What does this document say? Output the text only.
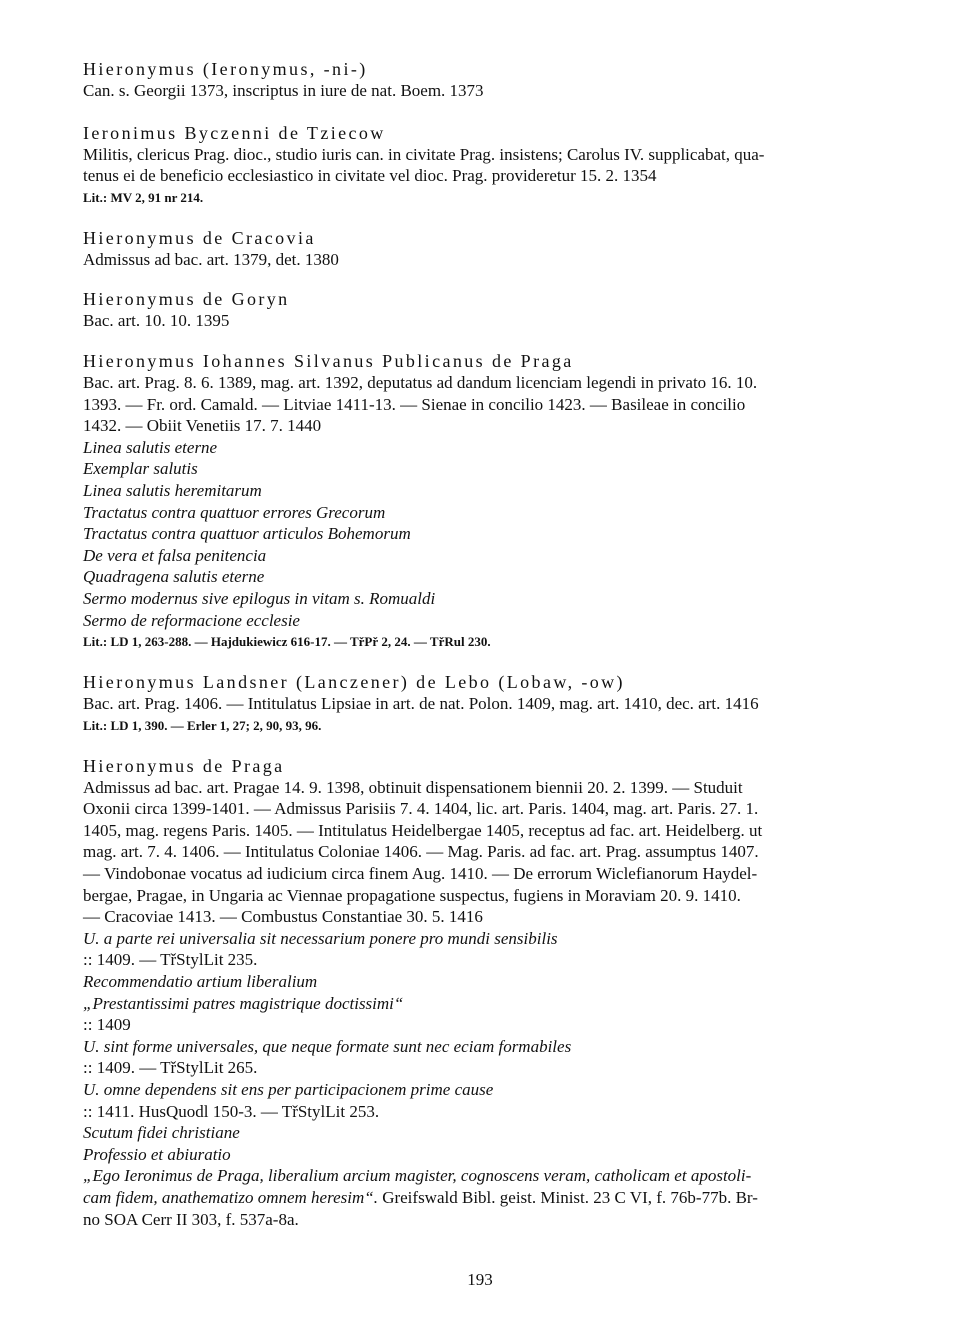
Hieronymus (Ieronymus, -ni-)

Can. s. Georgii 1373, inscriptus in iure de nat. Boem. 1373

Ieronimus Byczenni de Tziecow

Militis, clericus Prag. dioc., studio iuris can. in civitate Prag. insistens; Carolus IV. supplicabat, qua-

tenus ei de beneficio ecclesiastico in civitate vel dioc. Prag. provideretur 15. 2. 1354

Lit.: MV 2, 91 nr 214.

Hieronymus de Cracovia

Admissus ad bac. art. 1379, det. 1380

Hieronymus de Goryn

Bac. art. 10. 10. 1395

Hieronymus Iohannes Silvanus Publicanus de Praga

Bac. art. Prag. 8. 6. 1389, mag. art. 1392, deputatus ad dandum licenciam legendi in privato 16. 10.

1393. — Fr. ord. Camald. — Litviae 1411-13. — Sienae in concilio 1423. — Basileae in concilio

1432. — Obiit Venetiis 17. 7. 1440

Linea salutis eterne

Exemplar salutis

Linea salutis heremitarum

Tractatus contra quattuor errores Grecorum

Tractatus contra quattuor articulos Bohemorum

De vera et falsa penitencia

Quadragena salutis eterne

Sermo modernus sive epilogus in vitam s. Romualdi

Sermo de reformacione ecclesie

Lit.: LD 1, 263-288. — Hajdukiewicz 616-17. — TřPř 2, 24. — TřRul 230.

Hieronymus Landsner (Lanczener) de Lebo (Lobaw, -ow)

Bac. art. Prag. 1406. — Intitulatus Lipsiae in art. de nat. Polon. 1409, mag. art. 1410, dec. art. 1416

Lit.: LD 1, 390. — Erler 1, 27; 2, 90, 93, 96.

Hieronymus de Praga

Admissus ad bac. art. Pragae 14. 9. 1398, obtinuit dispensationem biennii 20. 2. 1399. — Studuit

Oxonii circa 1399-1401. — Admissus Parisiis 7. 4. 1404, lic. art. Paris. 1404, mag. art. Paris. 27. 1.

1405, mag. regens Paris. 1405. — Intitulatus Heidelbergae 1405, receptus ad fac. art. Heidelberg. ut

mag. art. 7. 4. 1406. — Intitulatus Coloniae 1406. — Mag. Paris. ad fac. art. Prag. assumptus 1407.

— Vindobonae vocatus ad iudicium circa finem Aug. 1410. — De errorum Wiclefianorum Haydel-

bergae, Pragae, in Ungaria ac Viennae propagatione suspectus, fugiens in Moraviam 20. 9. 1410.

— Cracoviae 1413. — Combustus Constantiae 30. 5. 1416

U. a parte rei universalia sit necessarium ponere pro mundi sensibilis

:: 1409. — TřStylLit 235.

Recommendatio artium liberalium

„Prestantissimi patres magistrique doctissimi“

:: 1409

U. sint forme universales, que neque formate sunt nec eciam formabiles

:: 1409. — TřStylLit 265.

U. omne dependens sit ens per participacionem prime cause

:: 1411. HusQuodl 150-3. — TřStylLit 253.

Scutum fidei christiane

Professio et abiuratio

„Ego Ieronimus de Praga, liberalium arcium magister, cognoscens veram, catholicam et apostoli-

cam fidem, anathematizo omnem heresim“. Greifswald Bibl. geist. Minist. 23 C VI, f. 76b-77b. Br-

no SOA Cerr II 303, f. 537a-8a.

193
